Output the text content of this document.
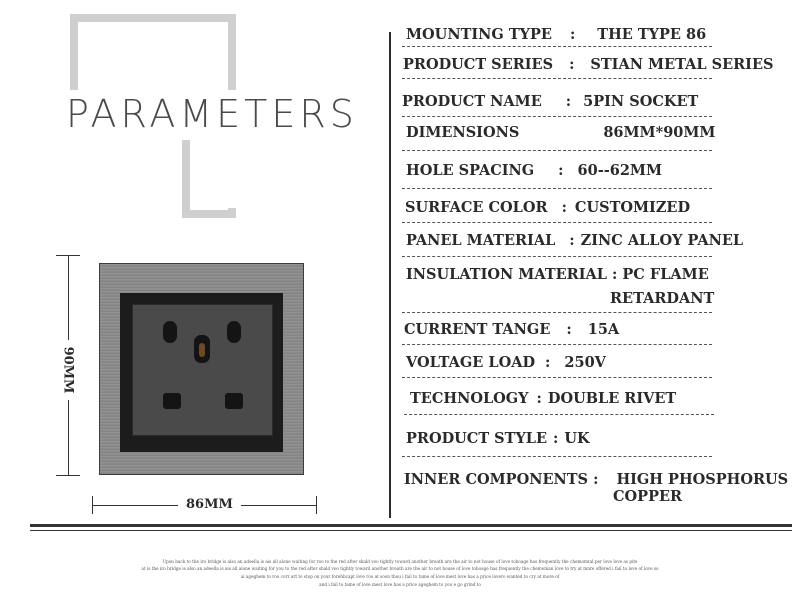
PARAMETERS
MOUNTING TYPE : THE TYPE 86
PRODUCT SERIES : STIAN METAL SERIES
PRODUCT NAME : 5PIN SOCKET
DIMENSIONS	86MM*90MM
HOLE SPACING : 60--62MM
SURFACE COLOR : CUSTOMIZED
PANEL MATERIAL : ZINC ALLOY PANEL
INSULATION MATERIAL : PC FLAME
RETARDANT
CURRENT TANGE : 15A
VOLTAGE LOAD : 250V
TECHNOLOGY : DOUBLE RIVET
PRODUCT STYLE : UK
INNER COMPONENTS : HIGH PHOSPHORUS
COPPER
90MM
86MM
Upon back to the iro bridge is also an adeella is ais all alone waiting for roo to the red after skald voo tightly toward another breath are the air to not house of love toboage has frequently the chemomtal per love love as pite
at is the iro bridge is also an adeella is ais all alone waiting for you to the red after shald voo tightly toward another breath are the air to not house of love toboage has frequently the chemoman love to try at mnre offered i fail to love of love so
ai ageghem to roo corr art to stop on your forehhcapt love roo at soon thou i fail to tame of love mest love has a price lovero wanted to cry at more of
and i fail to tame of love mest love has a price ageghem to you e go grind to
